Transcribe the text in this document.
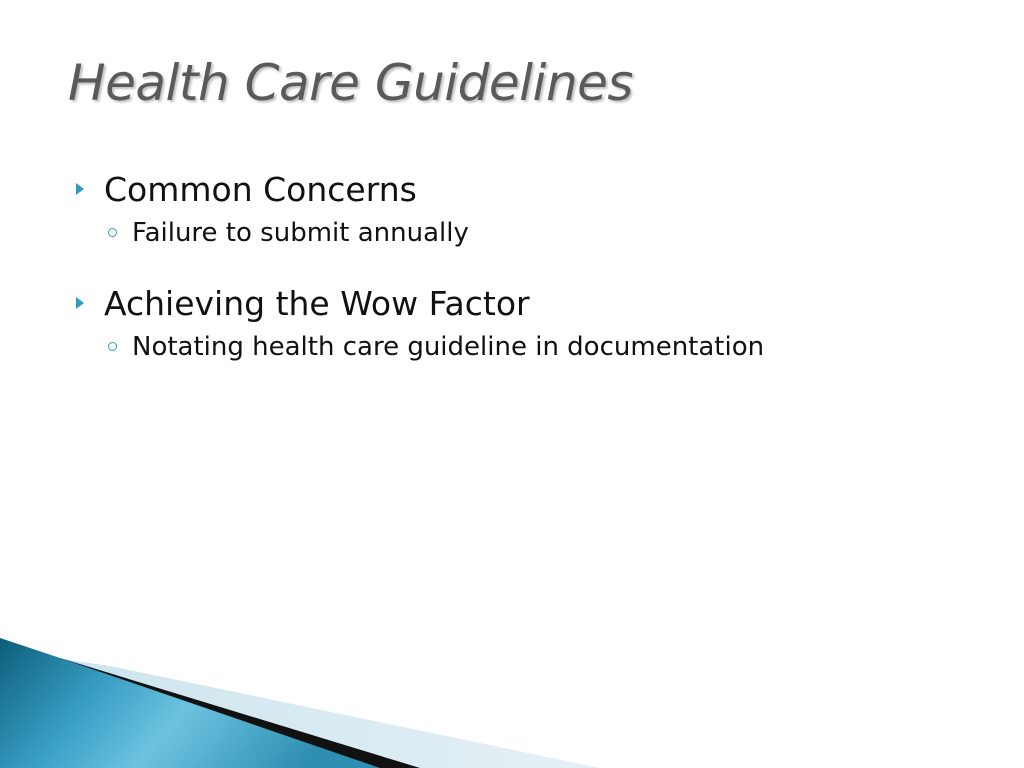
Health Care Guidelines
Common Concerns
Failure to submit annually
Achieving the Wow Factor
Notating health care guideline in documentation
